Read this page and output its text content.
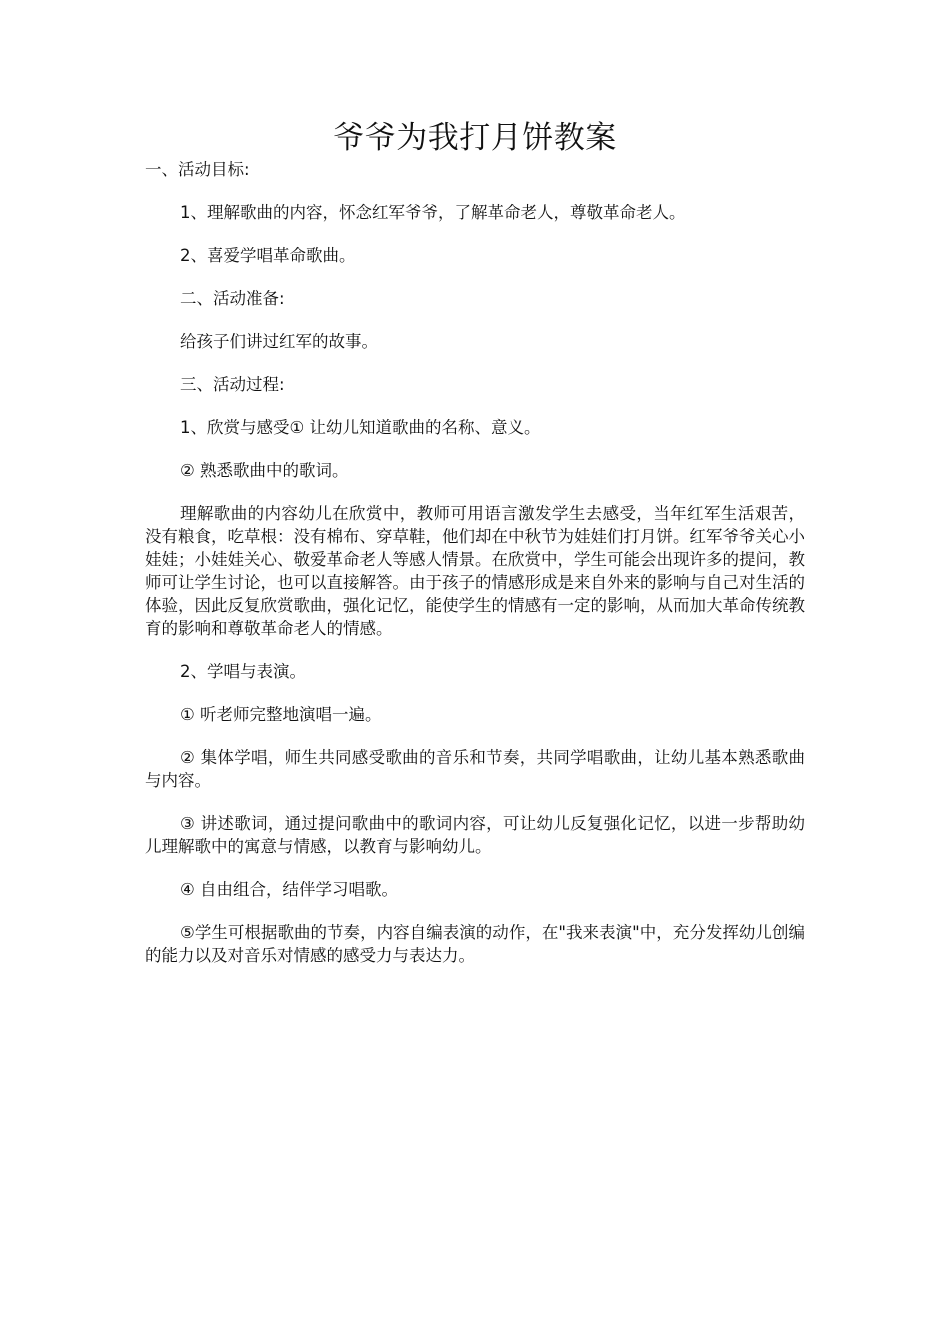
爷爷为我打月饼教案

一、活动目标:

1、理解歌曲的内容，怀念红军爷爷，了解革命老人，尊敬革命老人。

2、喜爱学唱革命歌曲。

二、活动准备:

给孩子们讲过红军的故事。

三、活动过程:

1、欣赏与感受① 让幼儿知道歌曲的名称、意义。

② 熟悉歌曲中的歌词。

理解歌曲的内容幼儿在欣赏中，教师可用语言激发学生去感受，当年红军生活艰苦，没有粮食，吃草根：没有棉布、穿草鞋，他们却在中秋节为娃娃们打月饼。红军爷爷关心小娃娃；小娃娃关心、敬爱革命老人等感人情景。在欣赏中，学生可能会出现许多的提问，教师可让学生讨论，也可以直接解答。由于孩子的情感形成是来自外来的影响与自己对生活的体验，因此反复欣赏歌曲，强化记忆，能使学生的情感有一定的影响，从而加大革命传统教育的影响和尊敬革命老人的情感。

2、学唱与表演。

① 听老师完整地演唱一遍。

② 集体学唱，师生共同感受歌曲的音乐和节奏，共同学唱歌曲，让幼儿基本熟悉歌曲与内容。

③ 讲述歌词，通过提问歌曲中的歌词内容，可让幼儿反复强化记忆，以进一步帮助幼儿理解歌中的寓意与情感，以教育与影响幼儿。

④ 自由组合，结伴学习唱歌。

⑤学生可根据歌曲的节奏，内容自编表演的动作，在"我来表演"中，充分发挥幼儿创编的能力以及对音乐对情感的感受力与表达力。
